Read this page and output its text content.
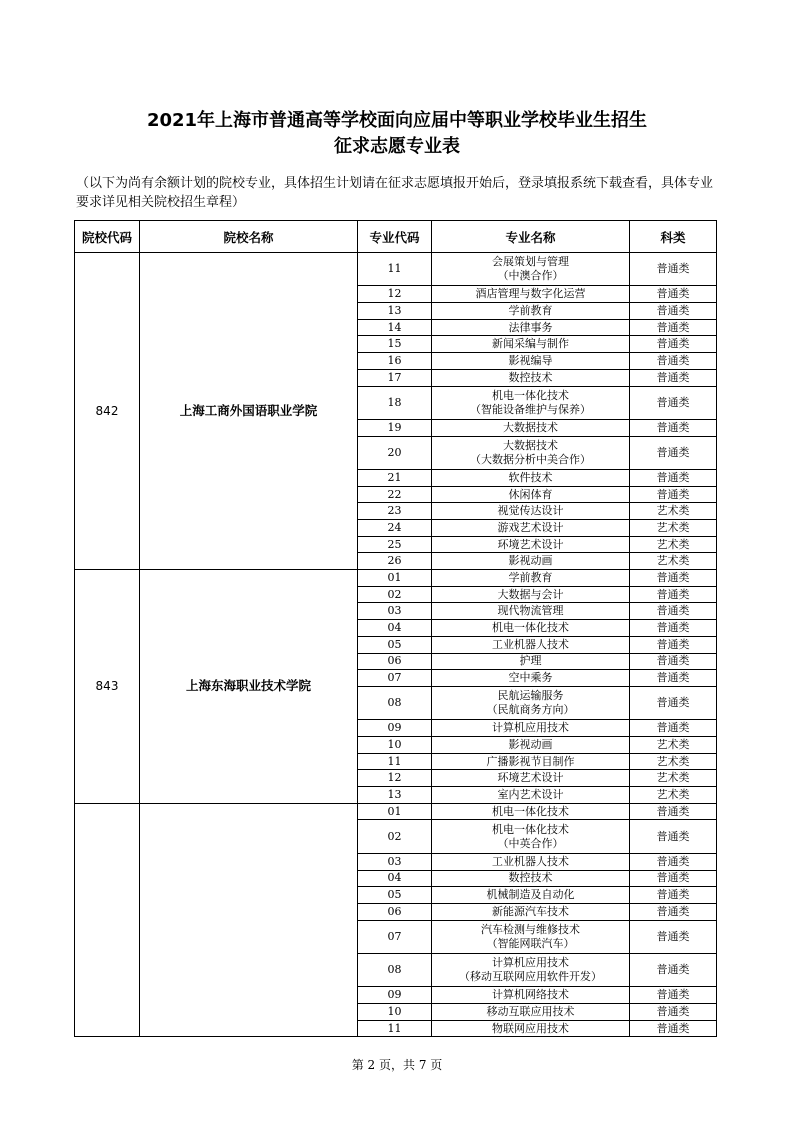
2021年上海市普通高等学校面向应届中等职业学校毕业生招生
征求志愿专业表
（以下为尚有余额计划的院校专业，具体招生计划请在征求志愿填报开始后，登录填报系统下载查看，具体专业要求详见相关院校招生章程）
院校代码	院校名称	专业代码	专业名称	科类
842	上海工商外国语职业学院	11	会展策划与管理
（中澳合作）	普通类
		12	酒店管理与数字化运营	普通类
		13	学前教育	普通类
		14	法律事务	普通类
		15	新闻采编与制作	普通类
		16	影视编导	普通类
		17	数控技术	普通类
		18	机电一体化技术
（智能设备维护与保养）	普通类
		19	大数据技术	普通类
		20	大数据技术
（大数据分析中美合作）	普通类
		21	软件技术	普通类
		22	休闲体育	普通类
		23	视觉传达设计	艺术类
		24	游戏艺术设计	艺术类
		25	环境艺术设计	艺术类
		26	影视动画	艺术类
843	上海东海职业技术学院	01	学前教育	普通类
		02	大数据与会计	普通类
		03	现代物流管理	普通类
		04	机电一体化技术	普通类
		05	工业机器人技术	普通类
		06	护理	普通类
		07	空中乘务	普通类
		08	民航运输服务
（民航商务方向）	普通类
		09	计算机应用技术	普通类
		10	影视动画	艺术类
		11	广播影视节目制作	艺术类
		12	环境艺术设计	艺术类
		13	室内艺术设计	艺术类
		01	机电一体化技术	普通类
		02	机电一体化技术
（中英合作）	普通类
		03	工业机器人技术	普通类
		04	数控技术	普通类
		05	机械制造及自动化	普通类
		06	新能源汽车技术	普通类
		07	汽车检测与维修技术
（智能网联汽车）	普通类
		08	计算机应用技术
（移动互联网应用软件开发）	普通类
		09	计算机网络技术	普通类
		10	移动互联应用技术	普通类
		11	物联网应用技术	普通类
第 2 页，共 7 页
